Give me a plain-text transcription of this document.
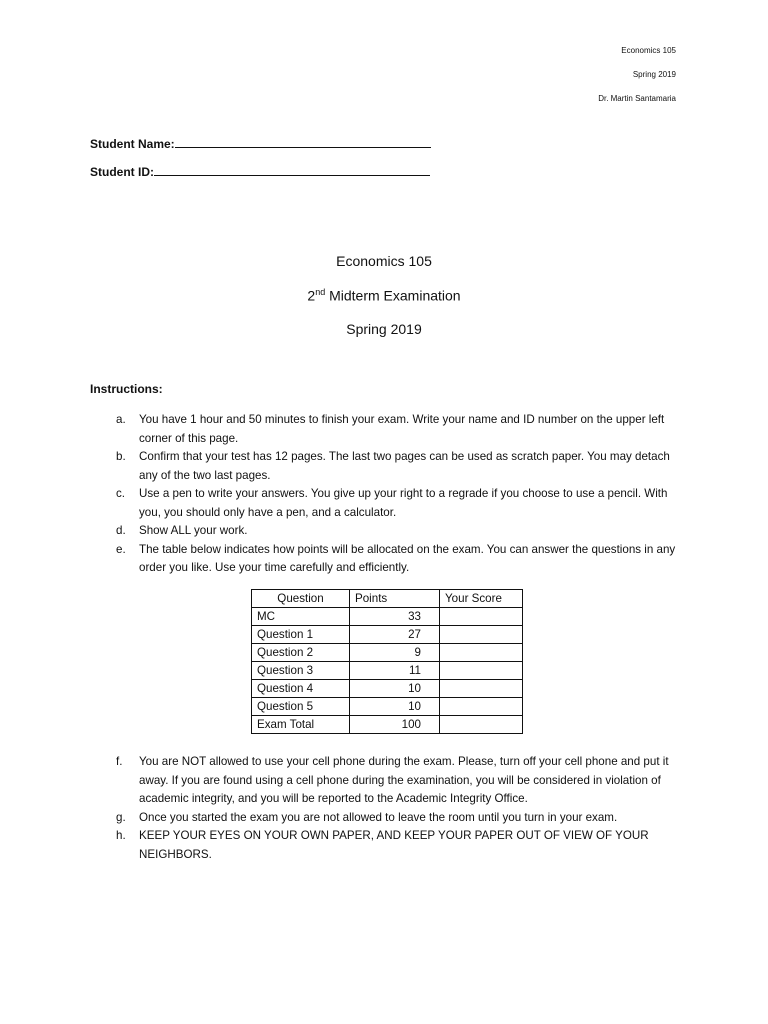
Economics 105
Spring 2019
Dr. Martin Santamaria
Student Name:
Student ID:
Economics 105
2nd Midterm Examination
Spring 2019
Instructions:
a. You have 1 hour and 50 minutes to finish your exam. Write your name and ID number on the upper left corner of this page.
b. Confirm that your test has 12 pages. The last two pages can be used as scratch paper. You may detach any of the two last pages.
c. Use a pen to write your answers. You give up your right to a regrade if you choose to use a pencil. With you, you should only have a pen, and a calculator.
d. Show ALL your work.
e. The table below indicates how points will be allocated on the exam. You can answer the questions in any order you like. Use your time carefully and efficiently.
Question	Points	Your Score
MC	33	
Question 1	27	
Question 2	9	
Question 3	11	
Question 4	10	
Question 5	10	
Exam Total	100	
f. You are NOT allowed to use your cell phone during the exam. Please, turn off your cell phone and put it away. If you are found using a cell phone during the examination, you will be considered in violation of academic integrity, and you will be reported to the Academic Integrity Office.
g. Once you started the exam you are not allowed to leave the room until you turn in your exam.
h. KEEP YOUR EYES ON YOUR OWN PAPER, AND KEEP YOUR PAPER OUT OF VIEW OF YOUR NEIGHBORS.
